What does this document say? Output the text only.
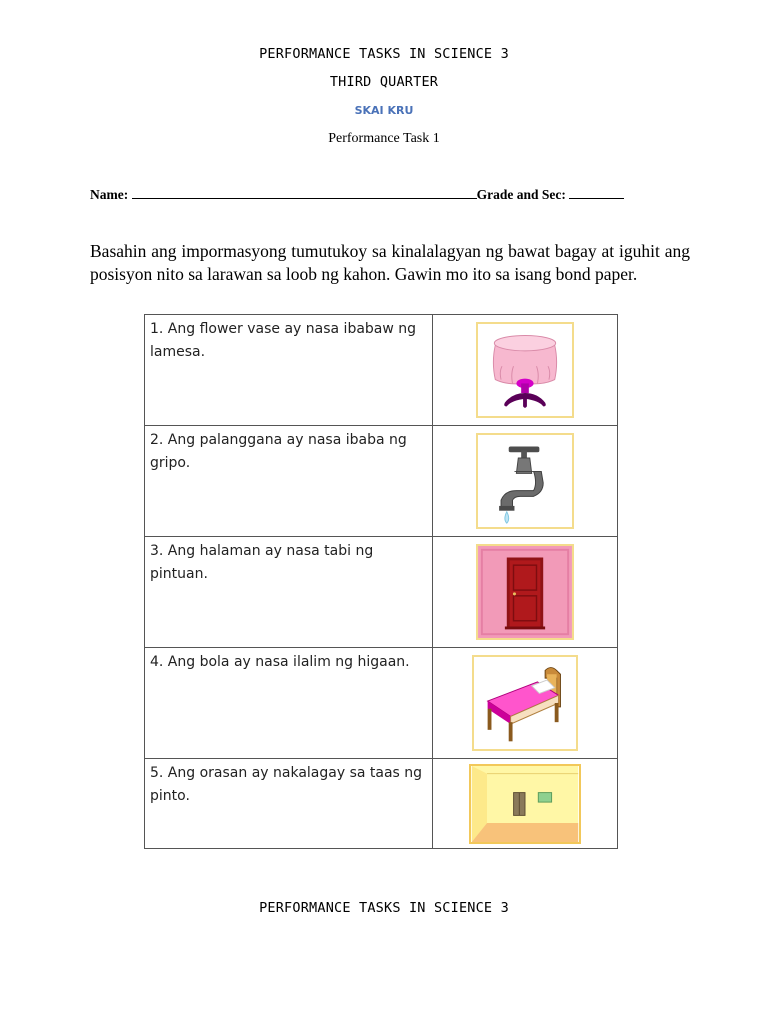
PERFORMANCE TASKS IN SCIENCE 3
THIRD QUARTER
SKAI KRU
Performance Task 1
Name:	Grade and Sec:
Basahin ang impormasyong tumutukoy sa kinalalagyan ng bawat bagay at iguhit ang posisyon nito sa larawan sa loob ng kahon. Gawin mo ito sa isang bond paper.
1. Ang flower vase ay nasa ibabaw ng lamesa.	

2. Ang palanggana ay nasa ibaba ng gripo.	

3. Ang halaman ay nasa tabi ng pintuan.	

4. Ang bola ay nasa ilalim ng higaan.	

5. Ang orasan ay nakalagay sa taas ng pinto.	
PERFORMANCE TASKS IN SCIENCE 3
